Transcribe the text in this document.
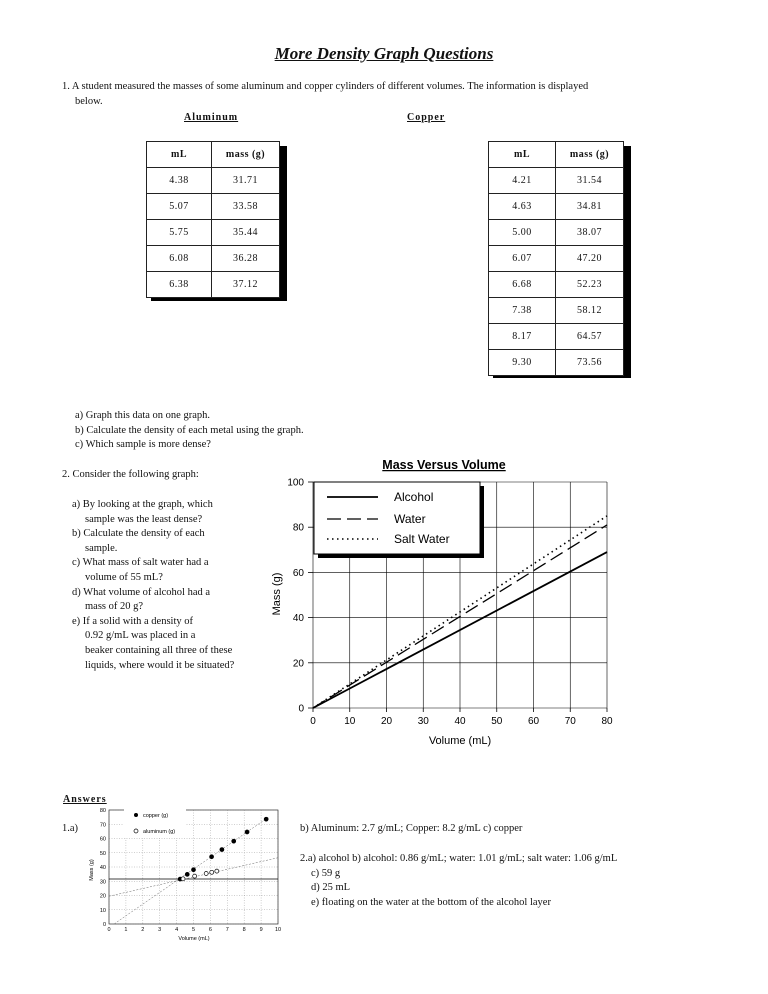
More Density Graph Questions
1. A student measured the masses of some aluminum and copper cylinders of different volumes. The information is displayed
below.
Aluminum	Copper
mL	mass (g)
4.38	31.71
5.07	33.58
5.75	35.44
6.08	36.28
6.38	37.12
mL	mass (g)
4.21	31.54
4.63	34.81
5.00	38.07
6.07	47.20
6.68	52.23
7.38	58.12
8.17	64.57
9.30	73.56
a) Graph this data on one graph.
b) Calculate the density of each metal using the graph.
c) Which sample is more dense?
2. Consider the following graph:
a) By looking at the graph, which
sample was the least dense?
b) Calculate the density of each
sample.
c) What mass of salt water had a
volume of 55 mL?
d) What volume of alcohol had a
mass of 20 g?
e) If a solid with a density of
0.92 g/mL was placed in a
beaker containing all three of these
liquids, where would it be situated?
Mass Versus Volume
0	10	20	30	40	50	60	70	80
0
20
40
60
80
100
Volume (mL)
Mass (g)
Alcohol
Water
Salt Water
Answers
1.a)
0	1	2	3	4	5	6	7	8	9 10
0
10
20
30
40
50
60
70
80
Volume (mL)
Mass (g)
copper (g)
aluminum (g)	b) Aluminum: 2.7 g/mL; Copper: 8.2 g/mL c) copper
2.a) alcohol b) alcohol: 0.86 g/mL; water: 1.01 g/mL; salt water: 1.06 g/mL
c) 59 g
d) 25 mL
e) floating on the water at the bottom of the alcohol layer
